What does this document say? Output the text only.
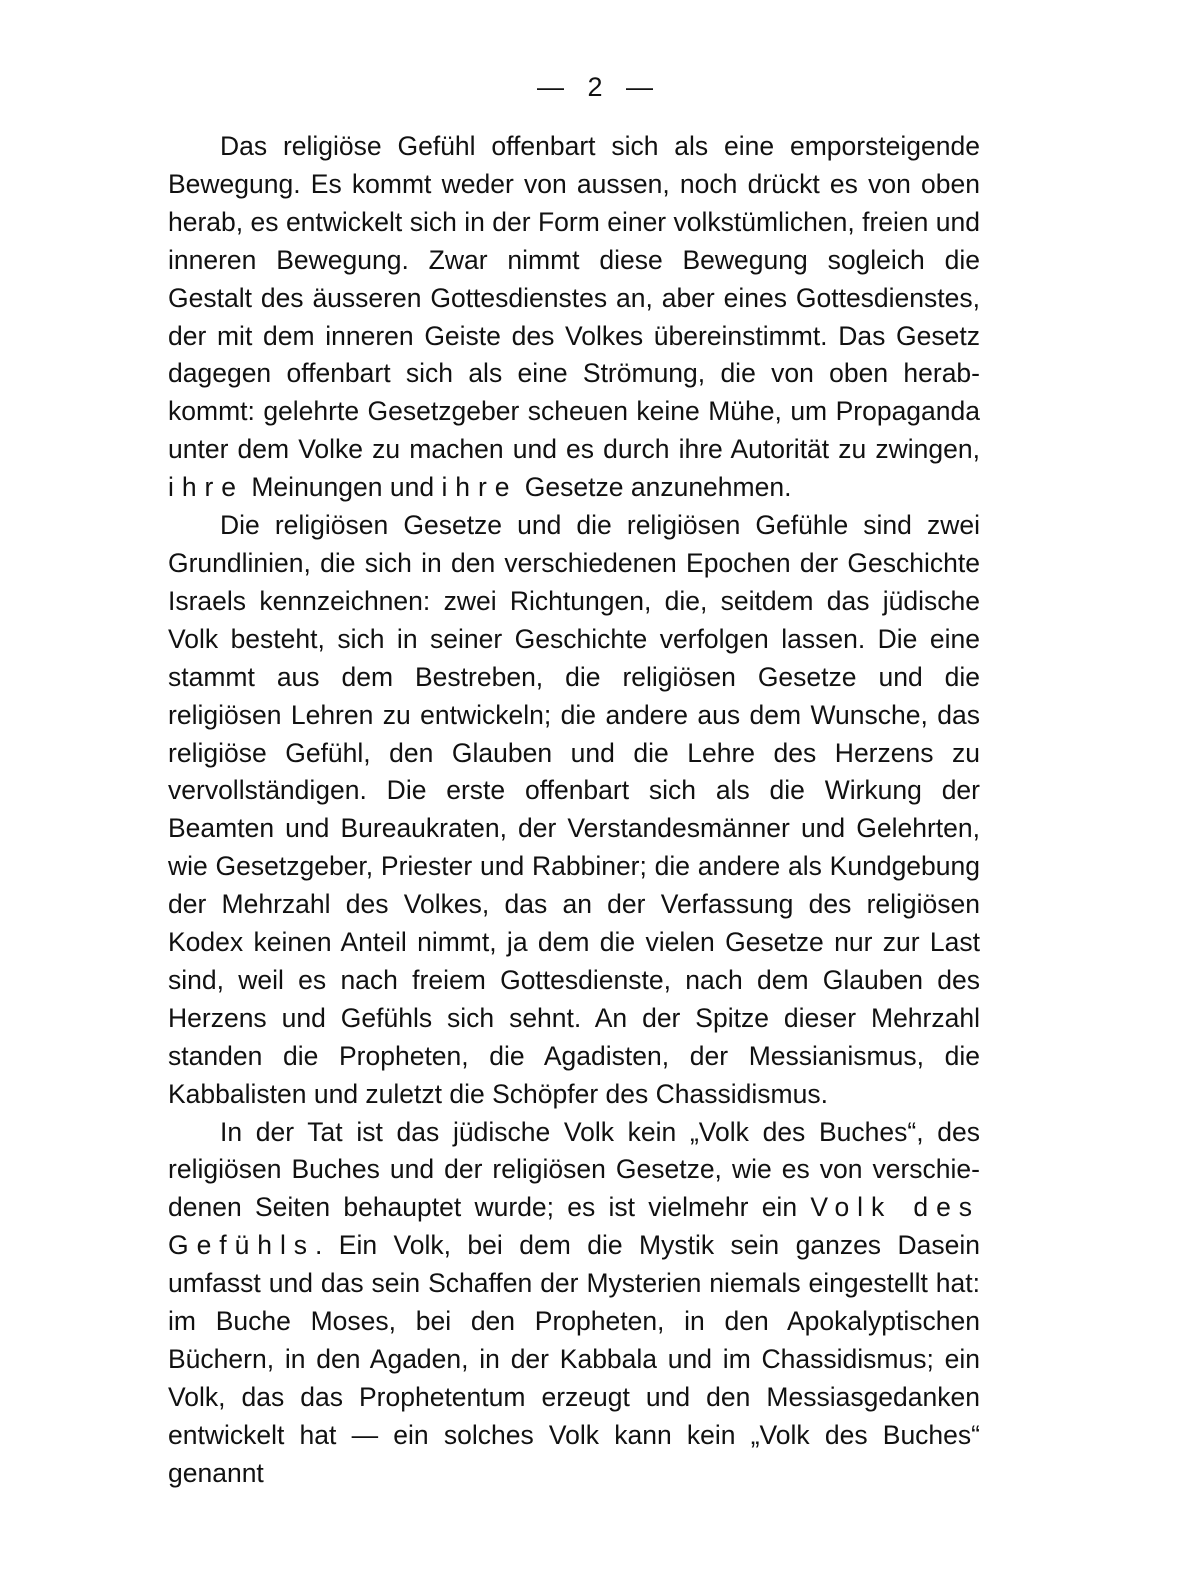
— 2 —

Das religiöse Gefühl offenbart sich als eine emporsteigende Bewegung. Es kommt weder von aussen, noch drückt es von oben herab, es entwickelt sich in der Form einer volkstümlichen, freien und inneren Bewegung. Zwar nimmt diese Bewegung sogleich die Gestalt des äusseren Gottesdienstes an, aber eines Gottesdienstes, der mit dem inneren Geiste des Volkes übereinstimmt. Das Gesetz dagegen offenbart sich als eine Strömung, die von oben herabkommt: gelehrte Gesetzgeber scheuen keine Mühe, um Propaganda unter dem Volke zu machen und es durch ihre Autorität zu zwingen, ihre Meinungen und ihre Gesetze anzunehmen.

Die religiösen Gesetze und die religiösen Gefühle sind zwei Grundlinien, die sich in den verschiedenen Epochen der Geschichte Israels kennzeichnen: zwei Richtungen, die, seitdem das jüdische Volk besteht, sich in seiner Geschichte verfolgen lassen. Die eine stammt aus dem Bestreben, die religiösen Gesetze und die religiösen Lehren zu entwickeln; die andere aus dem Wunsche, das religiöse Gefühl, den Glauben und die Lehre des Herzens zu vervollständigen. Die erste offenbart sich als die Wirkung der Beamten und Bureaukraten, der Verstandesmänner und Gelehrten, wie Gesetzgeber, Priester und Rabbiner; die andere als Kundgebung der Mehrzahl des Volkes, das an der Verfassung des religiösen Kodex keinen Anteil nimmt, ja dem die vielen Gesetze nur zur Last sind, weil es nach freiem Gottesdienste, nach dem Glauben des Herzens und Gefühls sich sehnt. An der Spitze dieser Mehrzahl standen die Propheten, die Agadisten, der Messianismus, die Kabbalisten und zuletzt die Schöpfer des Chassidismus.

In der Tat ist das jüdische Volk kein „Volk des Buches“, des religiösen Buches und der religiösen Gesetze, wie es von verschiedenen Seiten behauptet wurde; es ist vielmehr ein Volk des Gefühls. Ein Volk, bei dem die Mystik sein ganzes Dasein umfasst und das sein Schaffen der Mysterien niemals eingestellt hat: im Buche Moses, bei den Propheten, in den Apokalyptischen Büchern, in den Agaden, in der Kabbala und im Chassidismus; ein Volk, das das Prophetentum erzeugt und den Messiasgedanken entwickelt hat — ein solches Volk kann kein „Volk des Buches“ genannt
